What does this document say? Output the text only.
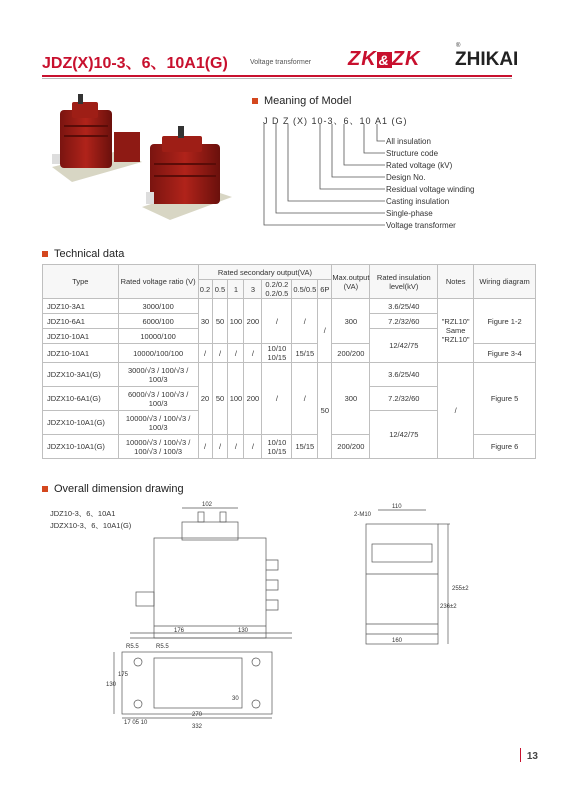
JDZ(X)10-3、6、10A1(G)	Voltage transformer ZK & ZK
®
ZHIKAI
Meaning of Model
J D Z (X) 10-3、6、10 A1 (G)
All insulation
Structure code
Rated voltage (kV)
Design No.
Residual voltage winding
Casting insulation
Single-phase
Voltage transformer
Technical data
Type	Rated voltage ratio (V)	Rated secondary output(VA)							Max.output (VA)	Rated insulation level(kV)	Notes	Wiring diagram
		0.2	0.5	1	3	0.2/0.2 0.2/0.5	0.5/0.5	6P				
JDZ10-3A1	3000/100	30	50	100	200	/	/	/	300	3.6/25/40	"RZL10" Same "RZL10"	Figure 1-2
JDZ10-6A1	6000/100									7.2/32/60		
JDZ10-10A1	10000/100									12/42/75		
JDZ10-10A1	10000/100/100	/	/	/	/	10/10 10/15	15/15		200/200			Figure 3-4
JDZX10-3A1(G)	3000/√3 / 100/√3 / 100/3	20	50	100	200	/	/	50	300	3.6/25/40	/	Figure 5
JDZX10-6A1(G)	6000/√3 / 100/√3 / 100/3									7.2/32/60		
JDZX10-10A1(G)	10000/√3 / 100/√3 / 100/3									12/42/75		
JDZX10-10A1(G)	10000/√3 / 100/√3 / 100/√3 / 100/3	/	/	/	/	10/10 10/15	15/15		200/200			Figure 6
Overall dimension drawing
JDZ10-3、6、10A1
JDZX10-3、6、10A1(G)
102
176	130
110
2-M10
160
255±2
236±2
270
332
130
175
R5.5	R5.5
17 05 10
30
13
